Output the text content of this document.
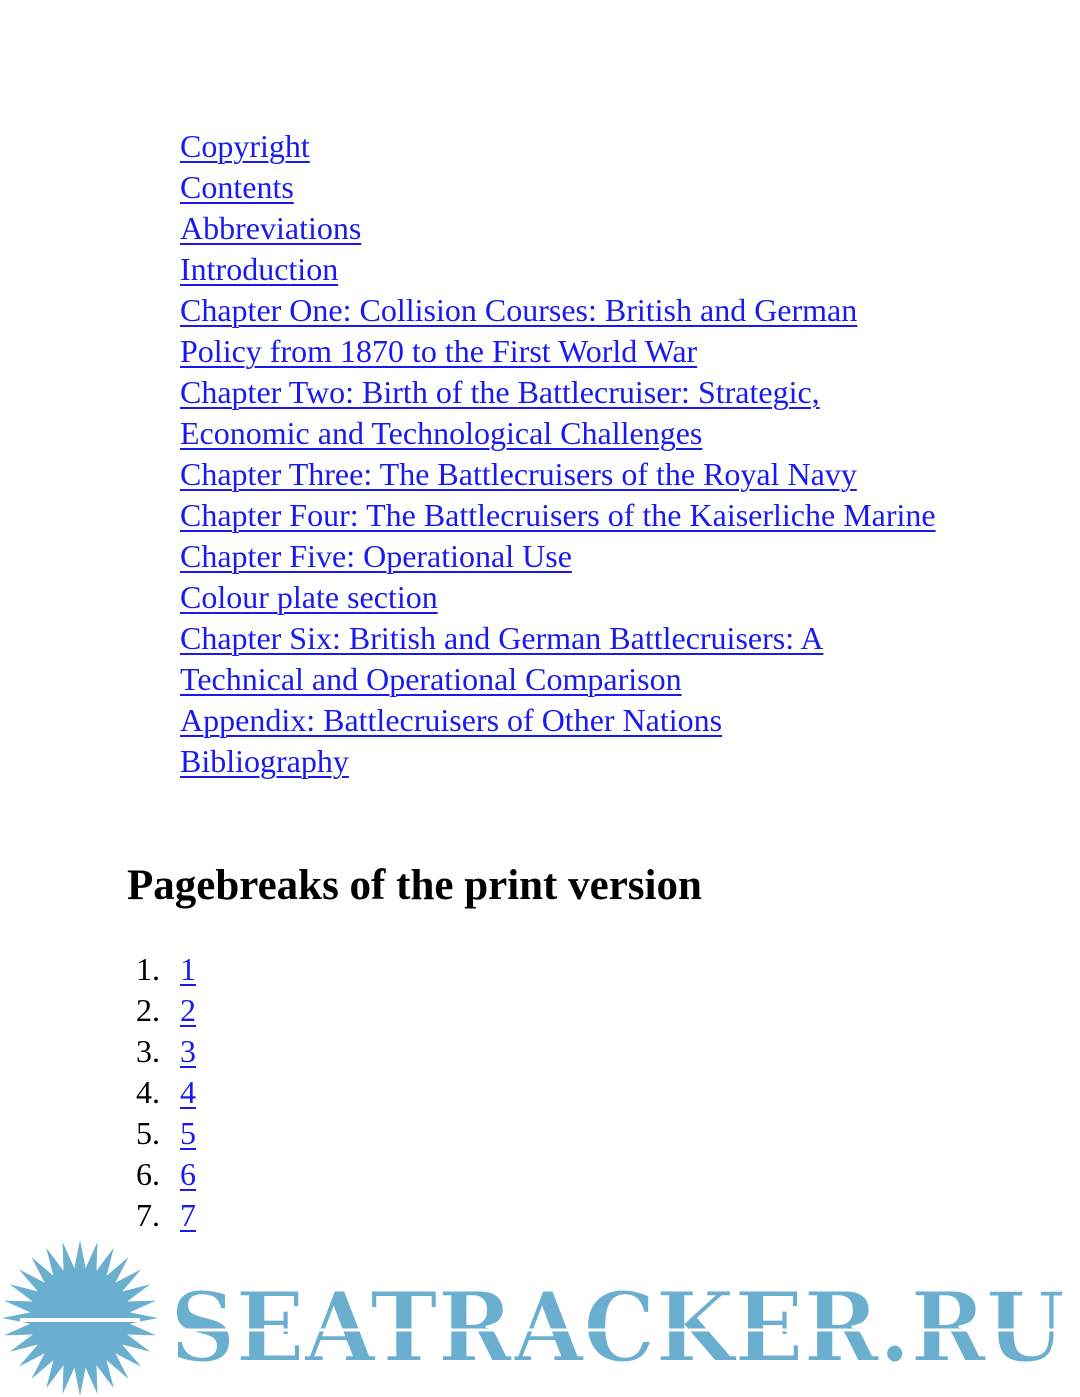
Copyright
Contents
Abbreviations
Introduction
Chapter One: Collision Courses: British and German Policy from 1870 to the First World War
Chapter Two: Birth of the Battlecruiser: Strategic, Economic and Technological Challenges
Chapter Three: The Battlecruisers of the Royal Navy
Chapter Four: The Battlecruisers of the Kaiserliche Marine
Chapter Five: Operational Use
Colour plate section
Chapter Six: British and German Battlecruisers: A Technical and Operational Comparison
Appendix: Battlecruisers of Other Nations
Bibliography
Pagebreaks of the print version
1. 1
2. 2
3. 3
4. 4
5. 5
6. 6
7. 7
SEATRACKER.RU
